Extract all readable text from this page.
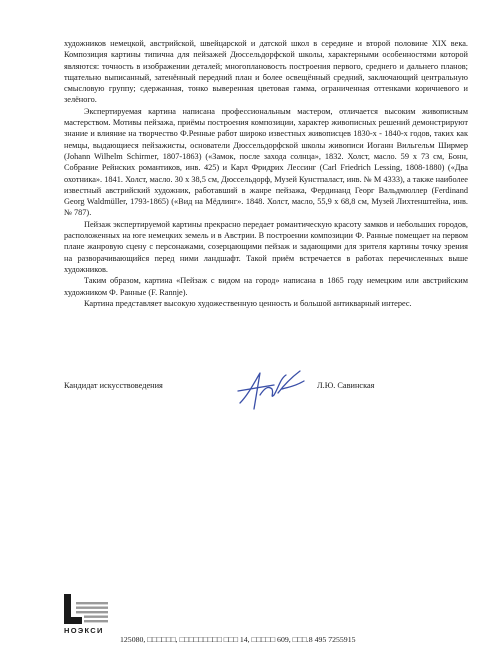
художников немецкой, австрийской, швейцарской и датской школ в середине и второй половине XIX века. Композиция картины типична для пейзажей Дюссельдорфской школы, характерными особенностями которой являются: точность в изображении деталей; многоплановость построения первого, среднего и дальнего планов; тщательно выписанный, затенённый передний план и более освещённый средний, заключающий центральную смысловую группу; сдержанная, тонко выверенная цветовая гамма, ограниченная оттенками коричневого и зелёного.

Экспертируемая картина написана профессиональным мастером, отличается высоким живописным мастерством. Мотивы пейзажа, приёмы построения композиции, характер живописных решений демонстрируют знание и влияние на творчество Ф.Ренные работ широко известных живописцев 1830-х - 1840-х годов, таких как немцы, выдающиеся пейзажисты, основатели Дюссельдорфской школы живописи Иоганн Вильгельм Ширмер (Johann Wilhelm Schirmer, 1807-1863) («Замок, после захода солнца», 1832. Холст, масло. 59 х 73 см, Бонн, Собрание Рейнских романтиков, инв. 425) и Карл Фридрих Лессинг (Carl Friedrich Lessing, 1808-1880) («Два охотника». 1841. Холст, масло. 30 х 38,5 см, Дюссельдорф, Музей Кунстпаласт, инв. № М 4333), а также наиболее известный австрийский художник, работавший в жанре пейзажа, Фердинанд Георг Вальдмюллер (Ferdinand Georg Waldmüller, 1793-1865) («Вид на Мёдлинг». 1848. Холст, масло, 55,9 х 68,8 см, Музей Лихтенштейна, инв. № 787).

Пейзаж экспертируемой картины прекрасно передает романтическую красоту замков и небольших городов, расположенных на юге немецких земель и в Австрии. В построении композиции Ф. Ранные помещает на первом плане жанровую сцену с персонажами, созерцающими пейзаж и задающими для зрителя картины точку зрения на разворачивающийся перед ними ландшафт. Такой приём встречается в работах перечисленных выше художников.

Таким образом, картина «Пейзаж с видом на город» написана в 1865 году немецким или австрийским художником Ф. Ранные (F. Rannje).

Картина представляет высокую художественную ценность и большой антикварный интерес.

Кандидат искусствоведения	Л.Ю. Савинская
НОЭКСИ
125080, □□□□□□, □□□□□□□□□ □□□ 14, □□□□□ 609, □□□.8 495 7255915
